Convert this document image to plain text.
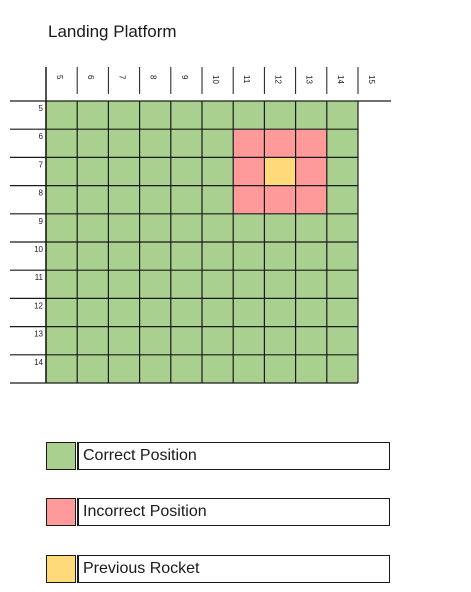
Landing Platform
5	6	7	8	9	10	11	12	13	14	15
5
6
7
8
9
10
11
12
13
14
Correct Position
Incorrect Position
Previous Rocket
